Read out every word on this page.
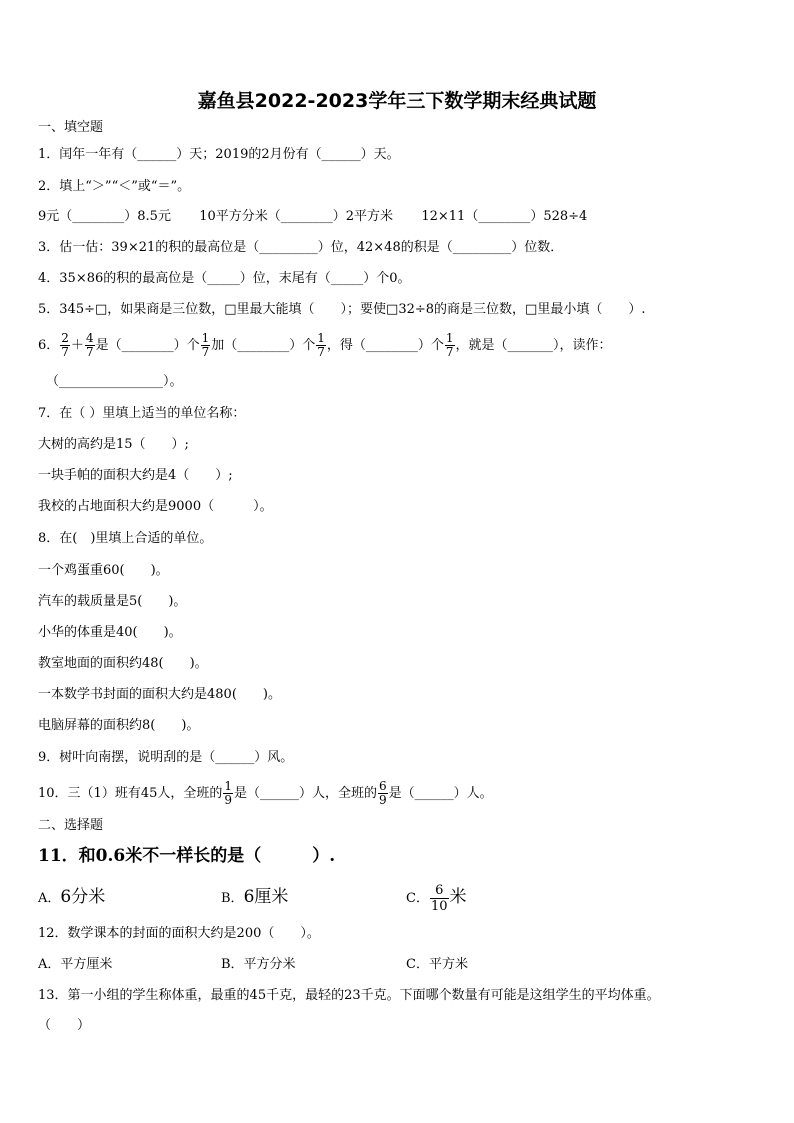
嘉鱼县2022-2023学年三下数学期末经典试题
一、填空题
1．闰年一年有（______）天；2019的2月份有（______）天。
2．填上“＞”“＜”或“＝”。
9元（________）8.5元 10平方分米（________）2平方米 12×11（________）528÷4
3．估一估：39×21的积的最高位是（_________）位，42×48的积是（_________）位数．
4．35×86的积的最高位是（_____）位，末尾有（_____）个0。
5．345÷□，如果商是三位数，□里最大能填（　　）；要使□32÷8的商是三位数，□里最小填（　　）.
6． $\frac{2}{7} + \frac{4}{7}$ 是（________）个 $\frac{1}{7}$ 加（________）个 $\frac{1}{7}$ ，得（________）个 $\frac{1}{7}$ ，就是（_______），读作：
（________________）。
7．在（ ）里填上适当的单位名称：
大树的高约是15（　　）;
一块手帕的面积大约是4（　　）;
我校的占地面积大约是9000（　　　）。
8．在(　)里填上合适的单位。
一个鸡蛋重60(　　)。
汽车的载质量是5(　　)。
小华的体重是40(　　)。
教室地面的面积约48(　　)。
一本数学书封面的面积大约是480(　　)。
电脑屏幕的面积约8(　　)。
9．树叶向南摆，说明刮的是（______）风。
10．三（1）班有45人，全班的 $\frac{1}{9}$ 是（______）人，全班的 $\frac{6}{9}$ 是（______）人。
二、选择题
11．和0.6米不一样长的是（　　　）.
A．6分米	B．6厘米	C． $\frac{6}{10}$ 米
12．数学课本的封面的面积大约是200（　　）。
A．平方厘米	B．平方分米	C．平方米
13．第一小组的学生称体重，最重的45千克，最轻的23千克。下面哪个数量有可能是这组学生的平均体重。
（　　）
